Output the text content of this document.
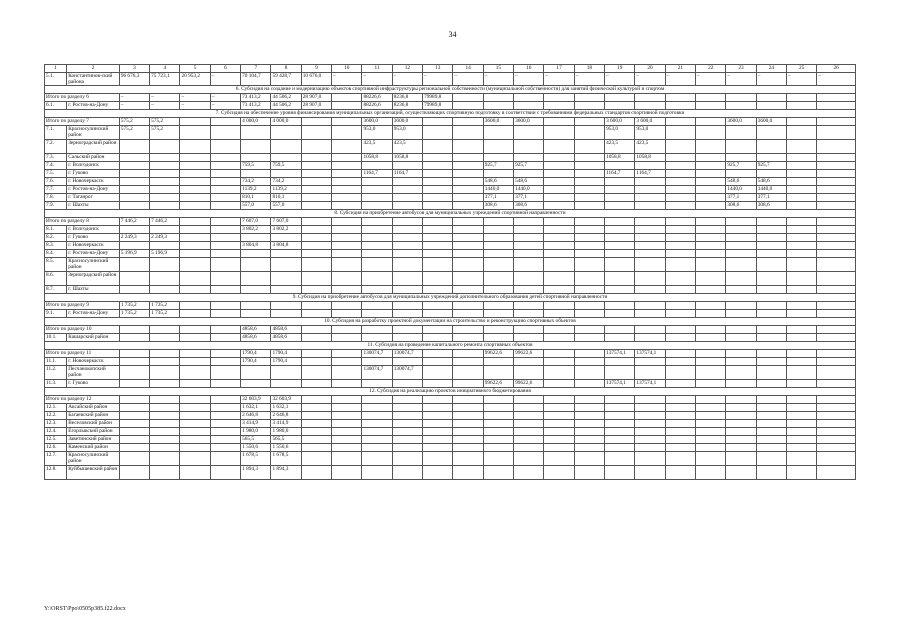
34
1	2	3	4	5	6	7	8	9	10	11	12	13	14	15	16	17	18	19	20	21	22	23	24	25	26
5.1.	Константинов-ский района	96 676,3	75 723,1	20 953,2	–	70 104,7	59 428,7	10 676,0	–	–	–	–	–	–	–	–	–	–	–	–	–	–	–	–	–
6. Субсидия на создание и модернизацию объектов спортивной инфраструктуры региональной собственности (муниципальной собственности) для занятий физической культурой и спортом																									
Итого по разделу 6		–	–	–	–	73 413,2	44 506,2	28 907,0		88226,6	8236,8	79989,8													
6.1.	г. Ростов-на-Дону	–	–	–	–	73 413,2	44 506,2	28 907,0		88226,6	8236,8	79989,8													
7. Субсидия на обеспечение уровня финансирования муниципальных организаций, осуществляющих спортивную подготовку в соответствии с требованиями федеральных стандартов спортивной подготовки																									
Итого по разделу 7		575,2	575,2			4 000,0	4 000,0			3600,0	3600,0			3600,0	3600,0			3 600,0	3 600,0			3600,0	3600,0		
7.1.	Красносулинский район	575,2	575,2							953,0	953,0							953,0	953,0						
7.2.	Зерноградский район									423,5	423,5							423,5	423,5						
7.3.	Сальский район									1058,8	1058,8							1058,8	1058,8						
7.4.	г. Волгодонск					759,5	759,5							925,7	925,7							925,7	925,7		
7.5.	г. Гуково									1164,7	1164,7							1164,7	1164,7						
7.6.	г. Новочеркасск					734,2	734,2							548,6	548,6							548,6	548,6		
7.7.	г. Ростов-на-Дону					1139,2	1139,2							1440,0	1440,0							1440,0	1440,0		
7.8.	г. Таганрог					810,1	810,1							377,1	377,1							377,1	377,1		
7.9.	г. Шахты					557,0	557,0							308,6	308,6							308,6	308,6		
8. Субсидия на приобретение автобусов для муниципальных учреждений спортивной направленности																									
Итого по разделу 8		7 446,2	7 446,2			7 607,0	7 607,0																		
8.1.	г. Волгодонск					3 802,2	3 802,2																		
8.2.	г. Гуково	2 249,3	2 249,3																						
8.3.	г. Новочеркасск					3 804,8	3 804,8																		
8.4.	г. Ростов-на-Дону	5 196,9	5 196,9																						
8.5.	Красносулинский район																								
8.6.	Зерноградский район																								
8.7.	г. Шахты																								
9. Субсидия на приобретение автобусов для муниципальных учреждений дополнительного образования детей спортивной направленности																									
Итого по разделу 9		1 735,2	1 735,2																						
9.1.	г. Ростов-на-Дону	1 735,2	1 735,2																						
10. Субсидия на разработку проектной документации на строительство и реконструкцию спортивных объектов																									
Итого по разделу 10						4858,6	4858,6																		
10.1.	Кашарский район					4858,6	4858,6																		
11. Субсидия на проведение капитального ремонта спортивных объектов																									
Итого по разделу 11						1790,4	1790,4			130074,7	130074,7			99622,6	99622,6			137574,1	137574,1						
11.1.	г. Новочеркасск					1790,4	1790,4																		
11.2.	Песчанокопский район									130074,7	130074,7														
11.3.	г. Гуково													99622,6	99622,6			137574,1	137574,1						
12. Субсидия на реализацию проектов инициативного бюджетирования																									
Итого по разделу 12						32 603,9	32 603,9																		
12.1.	Аксайский район					1 632,1	1 632,1																		
12.2.	Багаевский район					2 646,8	2 646,8																		
12.3.	Веселовский район					3 414,9	3 414,9																		
12.4.	Егорлыкский район					1 980,0	1 980,0																		
12.5.	Заветинский район					565,5	565,5																		
12.6.	Каменский район					1 550,6	1 550,6																		
12.7.	Красносулинский район					1 678,5	1 678,5																		
12.8.	Куйбышевский район					1 894,3	1 894,3																		
Y:\ORST\Ppo\0505p385.f22.docx
